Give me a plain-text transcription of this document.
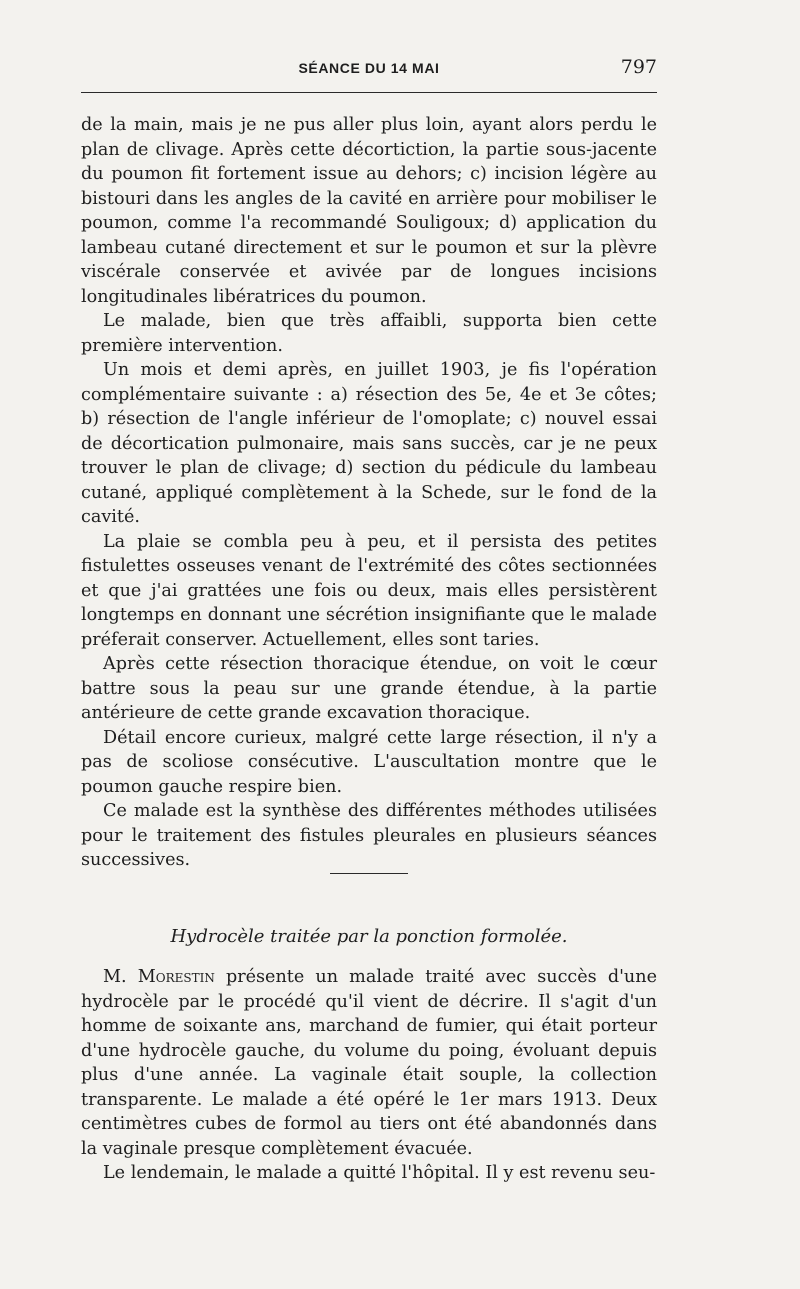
SÉANCE DU 14 MAI	797

de la main, mais je ne pus aller plus loin, ayant alors perdu le plan de clivage. Après cette décortiction, la partie sous-jacente du poumon fit fortement issue au dehors; c) incision légère au bistouri dans les angles de la cavité en arrière pour mobiliser le poumon, comme l'a recommandé Souligoux; d) application du lambeau cutané directement et sur le poumon et sur la plèvre viscérale conservée et avivée par de longues incisions longitudinales libératrices du poumon.

Le malade, bien que très affaibli, supporta bien cette première intervention.

Un mois et demi après, en juillet 1903, je fis l'opération complémentaire suivante : a) résection des 5e, 4e et 3e côtes; b) résection de l'angle inférieur de l'omoplate; c) nouvel essai de décortication pulmonaire, mais sans succès, car je ne peux trouver le plan de clivage; d) section du pédicule du lambeau cutané, appliqué complètement à la Schede, sur le fond de la cavité.

La plaie se combla peu à peu, et il persista des petites fistulettes osseuses venant de l'extrémité des côtes sectionnées et que j'ai grattées une fois ou deux, mais elles persistèrent longtemps en donnant une sécrétion insignifiante que le malade préferait conserver. Actuellement, elles sont taries.

Après cette résection thoracique étendue, on voit le cœur battre sous la peau sur une grande étendue, à la partie antérieure de cette grande excavation thoracique.

Détail encore curieux, malgré cette large résection, il n'y a pas de scoliose consécutive. L'auscultation montre que le poumon gauche respire bien.

Ce malade est la synthèse des différentes méthodes utilisées pour le traitement des fistules pleurales en plusieurs séances successives.

Hydrocèle traitée par la ponction formolée.

M. Morestin présente un malade traité avec succès d'une hydrocèle par le procédé qu'il vient de décrire. Il s'agit d'un homme de soixante ans, marchand de fumier, qui était porteur d'une hydrocèle gauche, du volume du poing, évoluant depuis plus d'une année. La vaginale était souple, la collection transparente. Le malade a été opéré le 1er mars 1913. Deux centimètres cubes de formol au tiers ont été abandonnés dans la vaginale presque complètement évacuée.

Le lendemain, le malade a quitté l'hôpital. Il y est revenu seu-
